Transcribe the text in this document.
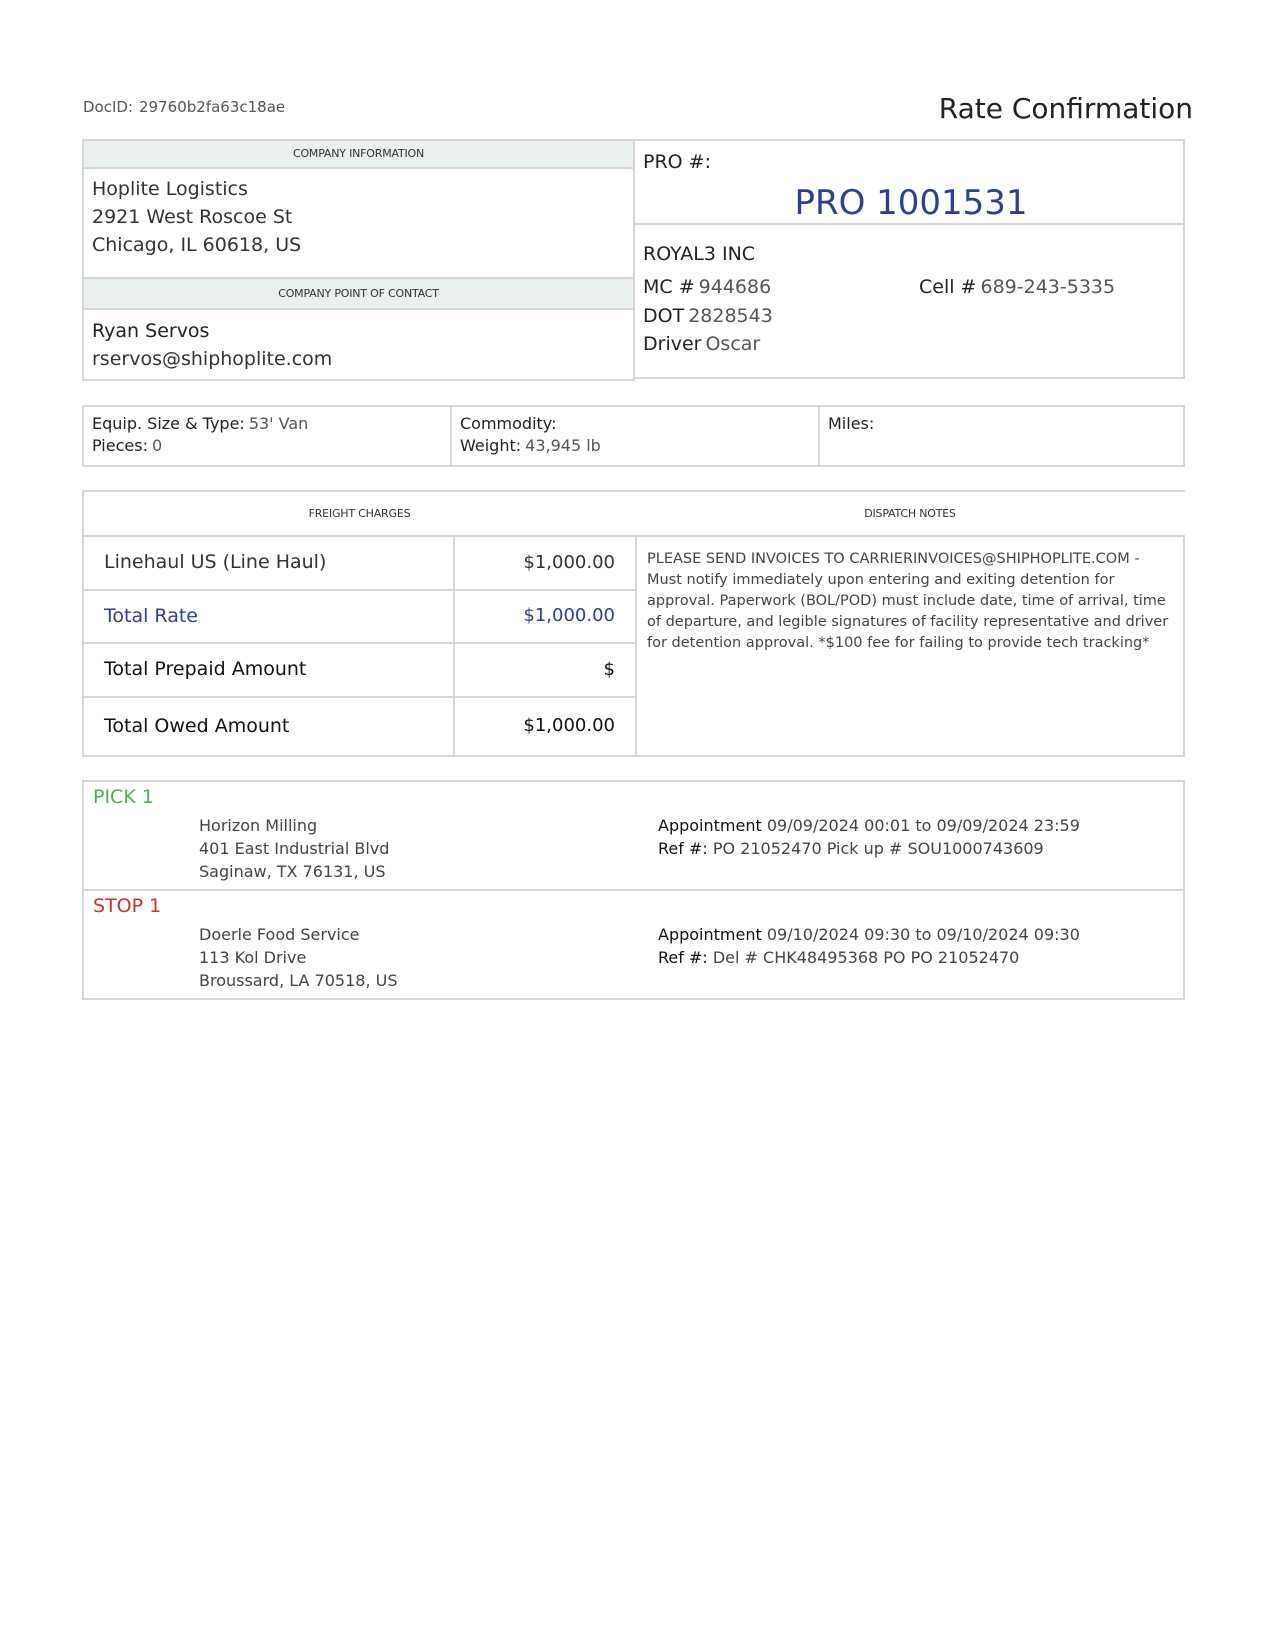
DocID: 29760b2fa63c18ae	Rate Confirmation
COMPANY INFORMATION
Hoplite Logistics
2921 West Roscoe St
Chicago, IL 60618, US
COMPANY POINT OF CONTACT
Ryan Servos
rservos@shiphoplite.com
PRO #:
PRO 1001531
ROYAL3 INC
MC # 944686	Cell # 689-243-5335
DOT 2828543
Driver Oscar
Equip. Size & Type: 53' Van
Pieces: 0
Commodity:
Weight: 43,945 lb
Miles:
FREIGHT CHARGES	DISPATCH NOTES
Linehaul US (Line Haul)	$1,000.00
Total Rate	$1,000.00
Total Prepaid Amount	$
Total Owed Amount	$1,000.00
PLEASE SEND INVOICES TO CARRIERINVOICES@SHIPHOPLITE.COM - Must notify immediately upon entering and exiting detention for approval. Paperwork (BOL/POD) must include date, time of arrival, time of departure, and legible signatures of facility representative and driver for detention approval. *$100 fee for failing to provide tech tracking*
PICK 1
Horizon Milling
401 East Industrial Blvd
Saginaw, TX 76131, US
Appointment 09/09/2024 00:01 to 09/09/2024 23:59
Ref #: PO 21052470 Pick up # SOU1000743609
STOP 1
Doerle Food Service
113 Kol Drive
Broussard, LA 70518, US
Appointment 09/10/2024 09:30 to 09/10/2024 09:30
Ref #: Del # CHK48495368 PO PO 21052470
